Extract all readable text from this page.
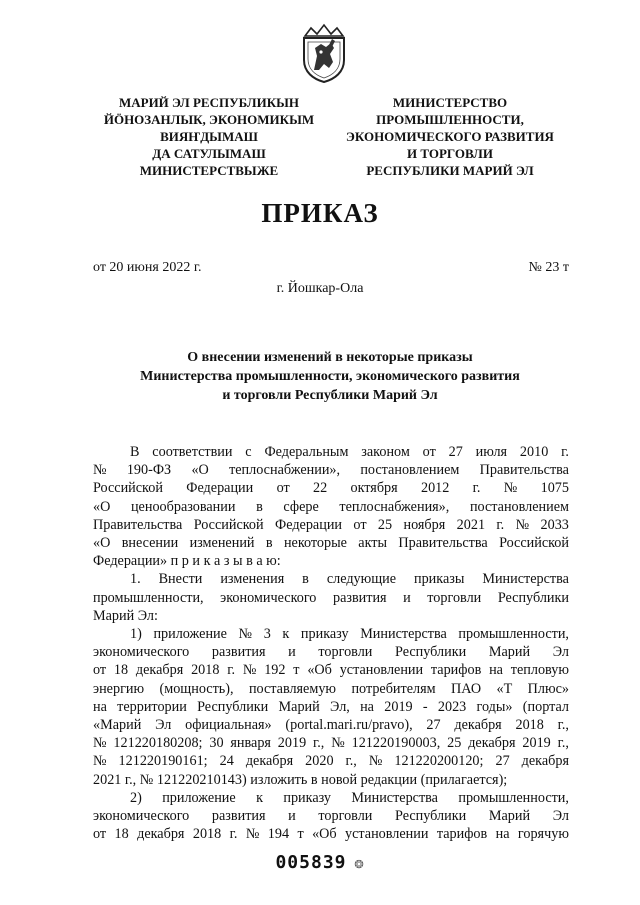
МАРИЙ ЭЛ РЕСПУБЛИКЫН
ЙÖНОЗАНЛЫК, ЭКОНОМИКЫМ
ВИЯҤДЫМАШ
ДА САТУЛЫМАШ
МИНИСТЕРСТВЫЖЕ
МИНИСТЕРСТВО
ПРОМЫШЛЕННОСТИ,
ЭКОНОМИЧЕСКОГО РАЗВИТИЯ
И ТОРГОВЛИ
РЕСПУБЛИКИ МАРИЙ ЭЛ
ПРИКАЗ
от 20 июня 2022 г.	№ 23 т
г. Йошкар-Ола
О внесении изменений в некоторые приказы
Министерства промышленности, экономического развития
и торговли Республики Марий Эл
В соответствии с Федеральным законом от 27 июля 2010 г.
№ 190-ФЗ «О теплоснабжении», постановлением Правительства
Российской Федерации от 22 октября 2012 г. № 1075
«О ценообразовании в сфере теплоснабжения», постановлением
Правительства Российской Федерации от 25 ноября 2021 г. № 2033
«О внесении изменений в некоторые акты Правительства Российской
Федерации» п р и к а з ы в а ю:
1. Внести изменения в следующие приказы Министерства
промышленности, экономического развития и торговли Республики
Марий Эл:
1) приложение № 3 к приказу Министерства промышленности,
экономического развития и торговли Республики Марий Эл
от 18 декабря 2018 г. № 192 т «Об установлении тарифов на тепловую
энергию (мощность), поставляемую потребителям ПАО «Т Плюс»
на территории Республики Марий Эл, на 2019 - 2023 годы» (портал
«Марий Эл официальная» (portal.mari.ru/pravo), 27 декабря 2018 г.,
№ 121220180208; 30 января 2019 г., № 121220190003, 25 декабря 2019 г.,
№ 121220190161; 24 декабря 2020 г., № 121220200120; 27 декабря
2021 г., № 121220210143) изложить в новой редакции (прилагается);
2) приложение к приказу Министерства промышленности,
экономического развития и торговли Республики Марий Эл
от 18 декабря 2018 г. № 194 т «Об установлении тарифов на горячую
005839 ❂
